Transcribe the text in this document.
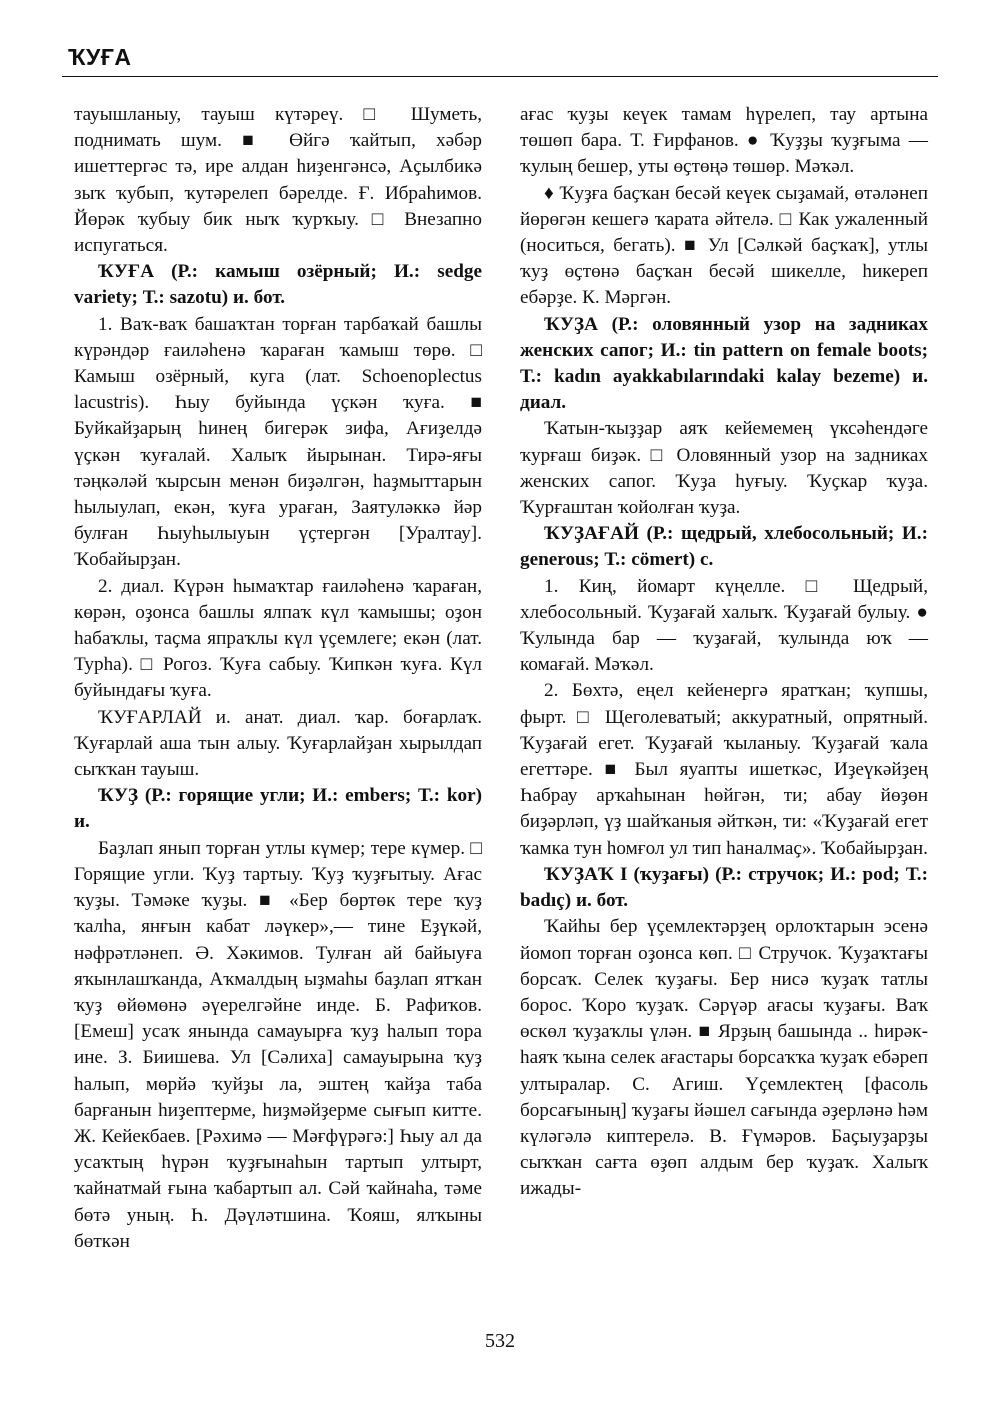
ҠУҒА

тауышланыу, тауыш күтәреү. □ Шуметь, поднимать шум. ■ Өйгә ҡайтып, хәбәр ишеттергәс тә, ире алдан һиҙенгәнсә, Аҫылбикә зыҡ ҡубып, ҡутәрелеп бәрелде. Ғ. Ибраһимов. Йөрәк ҡубыу бик ныҡ ҡурҡыу. □ Внезапно испугаться.

ҠУҒА (Р.: камыш озёрный; И.: sedge variety; Т.: sazotu) и. бот.

1. Ваҡ-ваҡ башаҡтан торған тарбаҡай башлы күрәндәр ғаиләһенә ҡараған ҡамыш төрө. □ Камыш озёрный, куга (лат. Schoenoplectus lacustris). Һыу буйында үҫкән ҡуға. ■ Буйкайҙарың һинең бигерәк зифа, Ағиҙелдә үҫкән ҡуғалай. Халыҡ йырынан. Тирә-яғы тәңкәләй ҡырсын менән биҙәлгән, һаҙмыттарын һылыулап, екән, ҡуға ураған, Заятуләккә йәр булған Һыуһылыуын үҫтергән [Уралтау]. Ҡобайырҙан.

2. диал. Күрән һымаҡтар ғаиләһенә ҡараған, көрән, оҙонса башлы ялпаҡ күл ҡамышы; оҙон һабаҡлы, таҫма япраҡлы күл үҫемлеге; екән (лат. Typha). □ Рогоз. Ҡуға сабыу. Ҡипкән ҡуға. Күл буйындағы ҡуға.

ҠУҒАРЛАЙ и. анат. диал. ҡар. боғарлаҡ. Ҡуғарлай аша тын алыу. Ҡуғарлайҙан хырылдап сыҡҡан тауыш.

ҠУҘ (Р.: горящие угли; И.: embers; Т.: kor) и.

Баҙлап янып торған утлы күмер; тере күмер. □ Горящие угли. Ҡуҙ тартыу. Ҡуҙ ҡуҙғытыу. Ағас ҡуҙы. Тәмәке ҡуҙы. ■ «Бер бөртөк тере ҡуҙ ҡалһа, янғын кабат ләүкер»,— тине Еҙүкәй, нәфрәтләнеп. Ә. Хәкимов. Тулған ай байыуға яҡынлашҡанда, Аҡмалдың ыҙмаһы баҙлап ятҡан ҡуҙ өйөмөнә әүерелгәйне инде. Б. Рафиҡов. [Емеш] усаҡ янында самауырға ҡуҙ һалып тора ине. З. Биишева. Ул [Сәлиха] самауырына ҡуҙ һалып, мөрйә ҡуйҙы ла, эштең ҡайҙа таба барғанын һиҙептерме, һиҙмәйҙерме сығып китте. Ж. Кейекбаев. [Рәхимә — Мәғфүрәгә:] Һыу ал да усаҡтың һүрән ҡуҙғынаһын тартып ултырт, ҡайнатмай ғына ҡабартып ал. Сәй ҡайнаһа, тәме бөтә уның. Һ. Дәүләтшина. Ҡояш, ялҡыны бөткән

ағас ҡуҙы кеүек тамам һүрелеп, тау артына төшөп бара. Т. Ғирфанов. ● Ҡуҙҙы ҡуҙғыма — ҡулың бешер, уты өҫтөңә төшөр. Мәҡәл.

♦ Ҡуҙға баҫҡан бесәй кеүек сыҙамай, өтәләнеп йөрөгән кешегә ҡарата әйтелә. □ Как ужаленный (носиться, бегать). ■ Ул [Сәлкәй баҫҡаҡ], утлы ҡуҙ өҫтөнә баҫҡан бесәй шикелле, һикереп ебәрҙе. К. Мәргән.

ҠУҘА (Р.: оловянный узор на задниках женских сапог; И.: tin pattern on female boots; Т.: kadın ayakkabılarındaki kalay bezeme) и. диал.

Ҡатын-ҡыҙҙар аяҡ кейемемең үксәһендәге ҡурғаш биҙәк. □ Оловянный узор на задниках женских сапог. Ҡуҙа һуғыу. Ҡуҫкар ҡуҙа. Ҡурғаштан ҡойолған ҡуҙа.

ҠУҘАҒАЙ (Р.: щедрый, хлебосольный; И.: generous; Т.: cömert) с.

1. Киң, йомарт күңелле. □ Щедрый, хлебосольный. Ҡуҙағай халыҡ. Ҡуҙағай булыу. ● Ҡулында бар — ҡуҙағай, ҡулында юҡ — комағай. Мәҡәл.

2. Бөхтә, еңел кейенергә яратҡан; ҡупшы, фырт. □ Щеголеватый; аккуратный, опрятный. Ҡуҙағай егет. Ҡуҙағай ҡыланыу. Ҡуҙағай ҡала егеттәре. ■ Был яуапты ишеткәс, Иҙеүкәйҙең Һабрау арҡаһынан һөйгән, ти; абау йөҙөн биҙәрләп, үҙ шайҡаныя әйткән, ти: «Ҡуҙағай егет ҡамка тун һомғол ул тип һаналмаҫ». Ҡобайырҙан.

ҠУҘАҠ I (ҡуҙағы) (Р.: стручок; И.: pod; Т.: badıç) и. бот.

Ҡайһы бер үҫемлектәрҙең орлоҡтарын эсенә йомоп торған оҙонса көп. □ Стручок. Ҡуҙаҡтағы борсаҡ. Селек ҡуҙағы. Бер нисә ҡуҙаҡ татлы борос. Ҡоро ҡуҙаҡ. Сәрүәр ағасы ҡуҙағы. Ваҡ өскөл ҡуҙаҡлы үлән. ■ Ярҙың башында .. һирәк-һаяҡ ҡына селек ағастары борсаҡҡа ҡуҙаҡ ебәреп ултыралар. С. Агиш. Үҫемлектең [фасоль борсағының] ҡуҙағы йәшел сағында әҙерләнә һәм күләгәлә киптерелә. В. Ғүмәров. Баҫыуҙарҙы сыҡҡан сағта өҙөп алдым бер ҡуҙаҡ. Халыҡ ижады-

532
